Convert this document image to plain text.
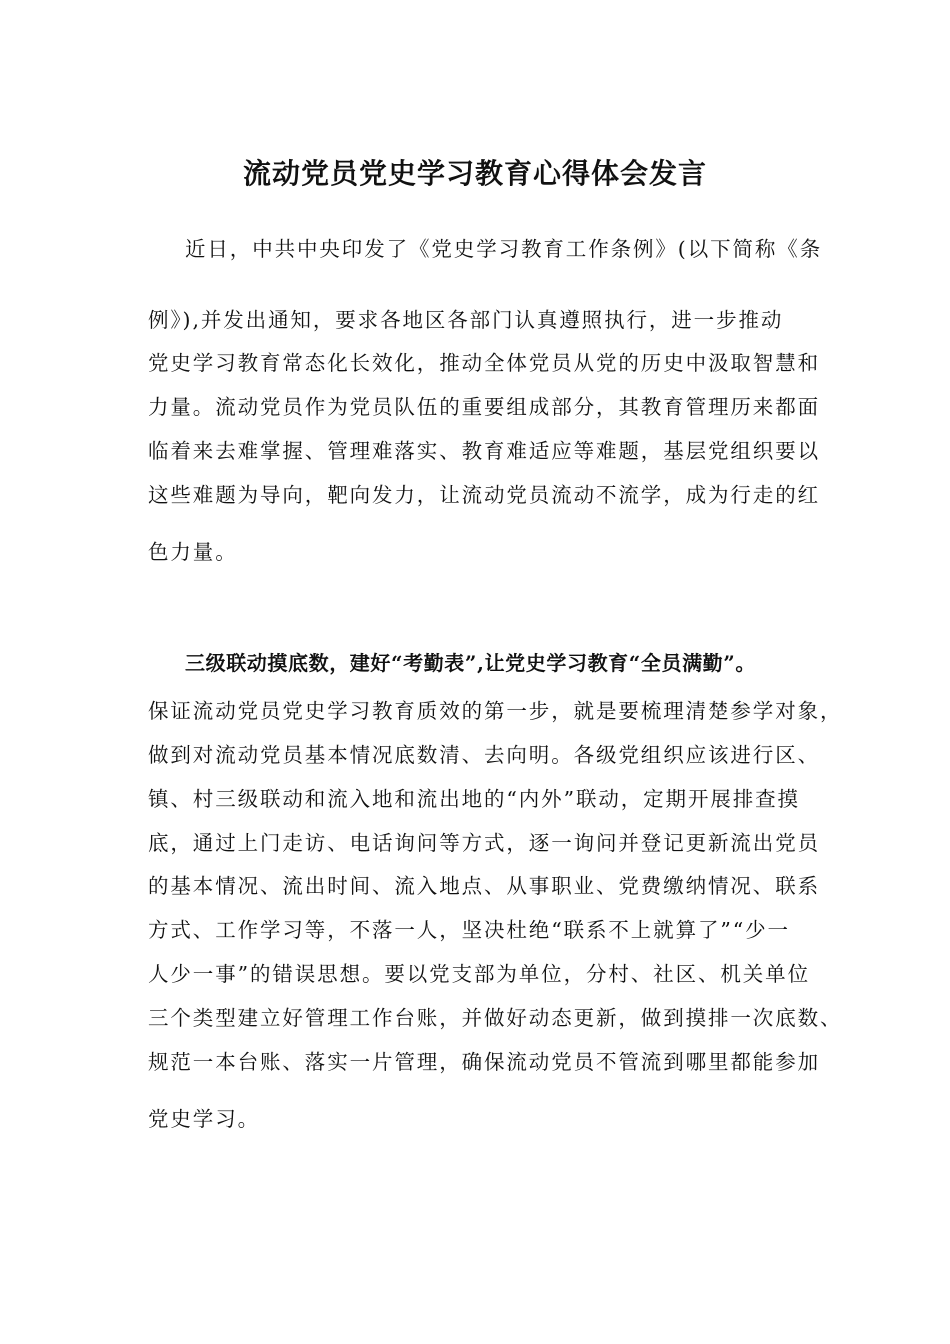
流动党员党史学习教育心得体会发言
近日，中共中央印发了《党史学习教育工作条例》(以下简称《条
例》),并发出通知，要求各地区各部门认真遵照执行，进一步推动
党史学习教育常态化长效化，推动全体党员从党的历史中汲取智慧和
力量。流动党员作为党员队伍的重要组成部分，其教育管理历来都面
临着来去难掌握、管理难落实、教育难适应等难题，基层党组织要以
这些难题为导向，靶向发力，让流动党员流动不流学，成为行走的红
色力量。
三级联动摸底数，建好“考勤表”,让党史学习教育“全员满勤”。
保证流动党员党史学习教育质效的第一步，就是要梳理清楚参学对象，
做到对流动党员基本情况底数清、去向明。各级党组织应该进行区、
镇、村三级联动和流入地和流出地的“内外”联动，定期开展排查摸
底，通过上门走访、电话询问等方式，逐一询问并登记更新流出党员
的基本情况、流出时间、流入地点、从事职业、党费缴纳情况、联系
方式、工作学习等，不落一人，坚决杜绝“联系不上就算了”“少一
人少一事”的错误思想。要以党支部为单位，分村、社区、机关单位
三个类型建立好管理工作台账，并做好动态更新，做到摸排一次底数、
规范一本台账、落实一片管理，确保流动党员不管流到哪里都能参加
党史学习。
